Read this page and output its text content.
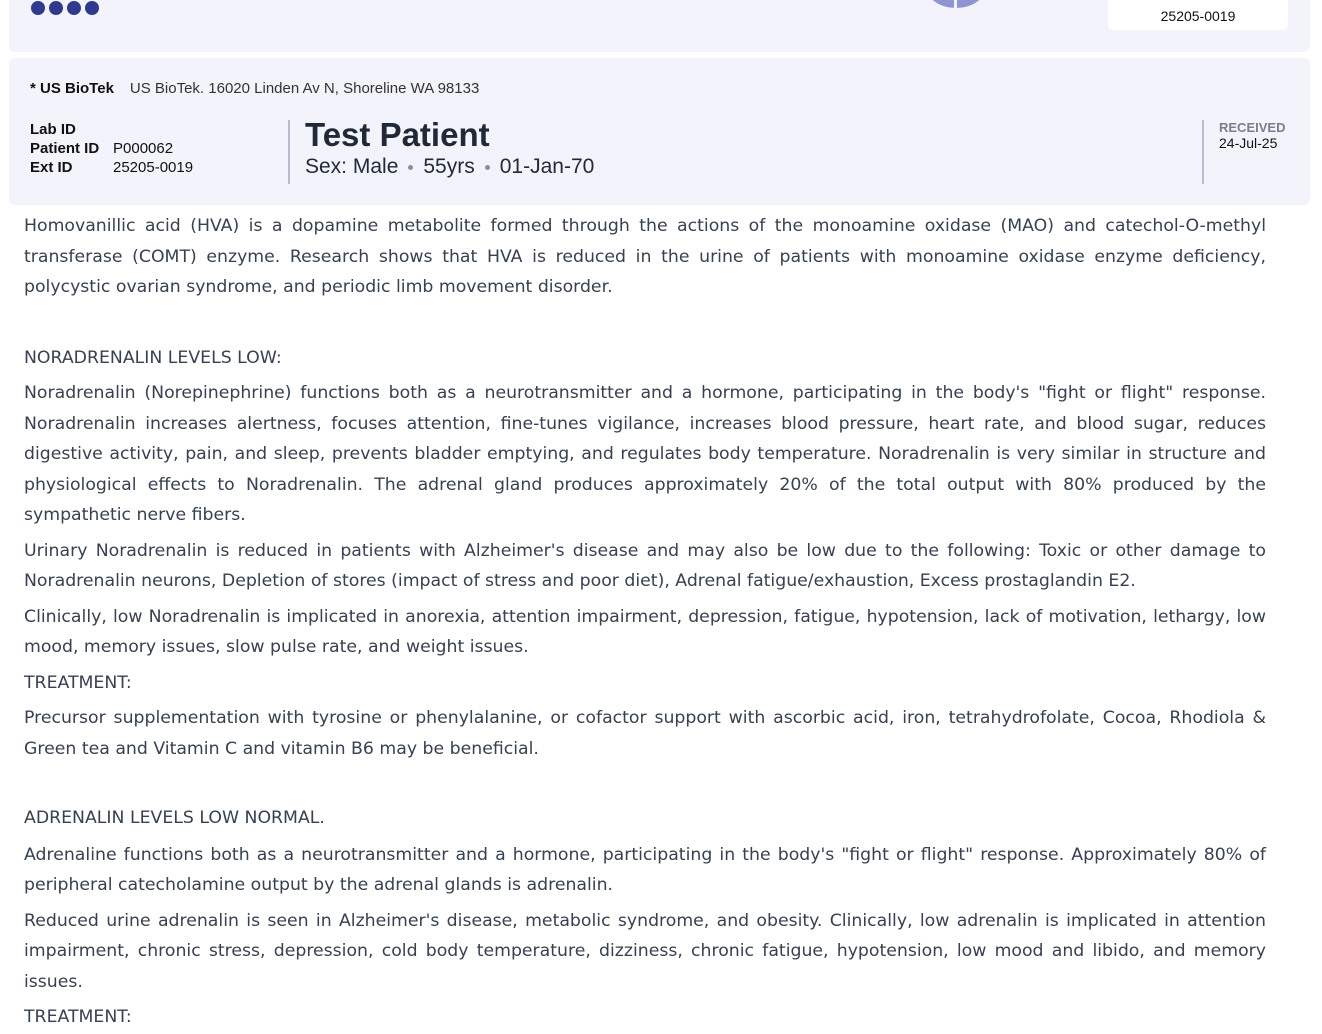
25205-0019
* US BioTek US BioTek. 16020 Linden Av N, Shoreline WA 98133
Lab ID
Patient ID P000062
Ext ID	25205-0019
Test Patient
Sex: Male 55yrs 01-Jan-70
RECEIVED
24-Jul-25

Homovanillic acid (HVA) is a dopamine metabolite formed through the actions of the monoamine oxidase (MAO) and catechol-O-methyl transferase (COMT) enzyme. Research shows that HVA is reduced in the urine of patients with monoamine oxidase enzyme deficiency, polycystic ovarian syndrome, and periodic limb movement disorder.

NORADRENALIN LEVELS LOW:

Noradrenalin (Norepinephrine) functions both as a neurotransmitter and a hormone, participating in the body's "fight or flight" response. Noradrenalin increases alertness, focuses attention, fine-tunes vigilance, increases blood pressure, heart rate, and blood sugar, reduces digestive activity, pain, and sleep, prevents bladder emptying, and regulates body temperature. Noradrenalin is very similar in structure and physiological effects to Noradrenalin. The adrenal gland produces approximately 20% of the total output with 80% produced by the sympathetic nerve fibers.

Urinary Noradrenalin is reduced in patients with Alzheimer's disease and may also be low due to the following: Toxic or other damage to Noradrenalin neurons, Depletion of stores (impact of stress and poor diet), Adrenal fatigue/exhaustion, Excess prostaglandin E2.

Clinically, low Noradrenalin is implicated in anorexia, attention impairment, depression, fatigue, hypotension, lack of motivation, lethargy, low mood, memory issues, slow pulse rate, and weight issues.

TREATMENT:

Precursor supplementation with tyrosine or phenylalanine, or cofactor support with ascorbic acid, iron, tetrahydrofolate, Cocoa, Rhodiola & Green tea and Vitamin C and vitamin B6 may be beneficial.

ADRENALIN LEVELS LOW NORMAL.

Adrenaline functions both as a neurotransmitter and a hormone, participating in the body's "fight or flight" response. Approximately 80% of peripheral catecholamine output by the adrenal glands is adrenalin.

Reduced urine adrenalin is seen in Alzheimer's disease, metabolic syndrome, and obesity. Clinically, low adrenalin is implicated in attention impairment, chronic stress, depression, cold body temperature, dizziness, chronic fatigue, hypotension, low mood and libido, and memory issues.

TREATMENT:
